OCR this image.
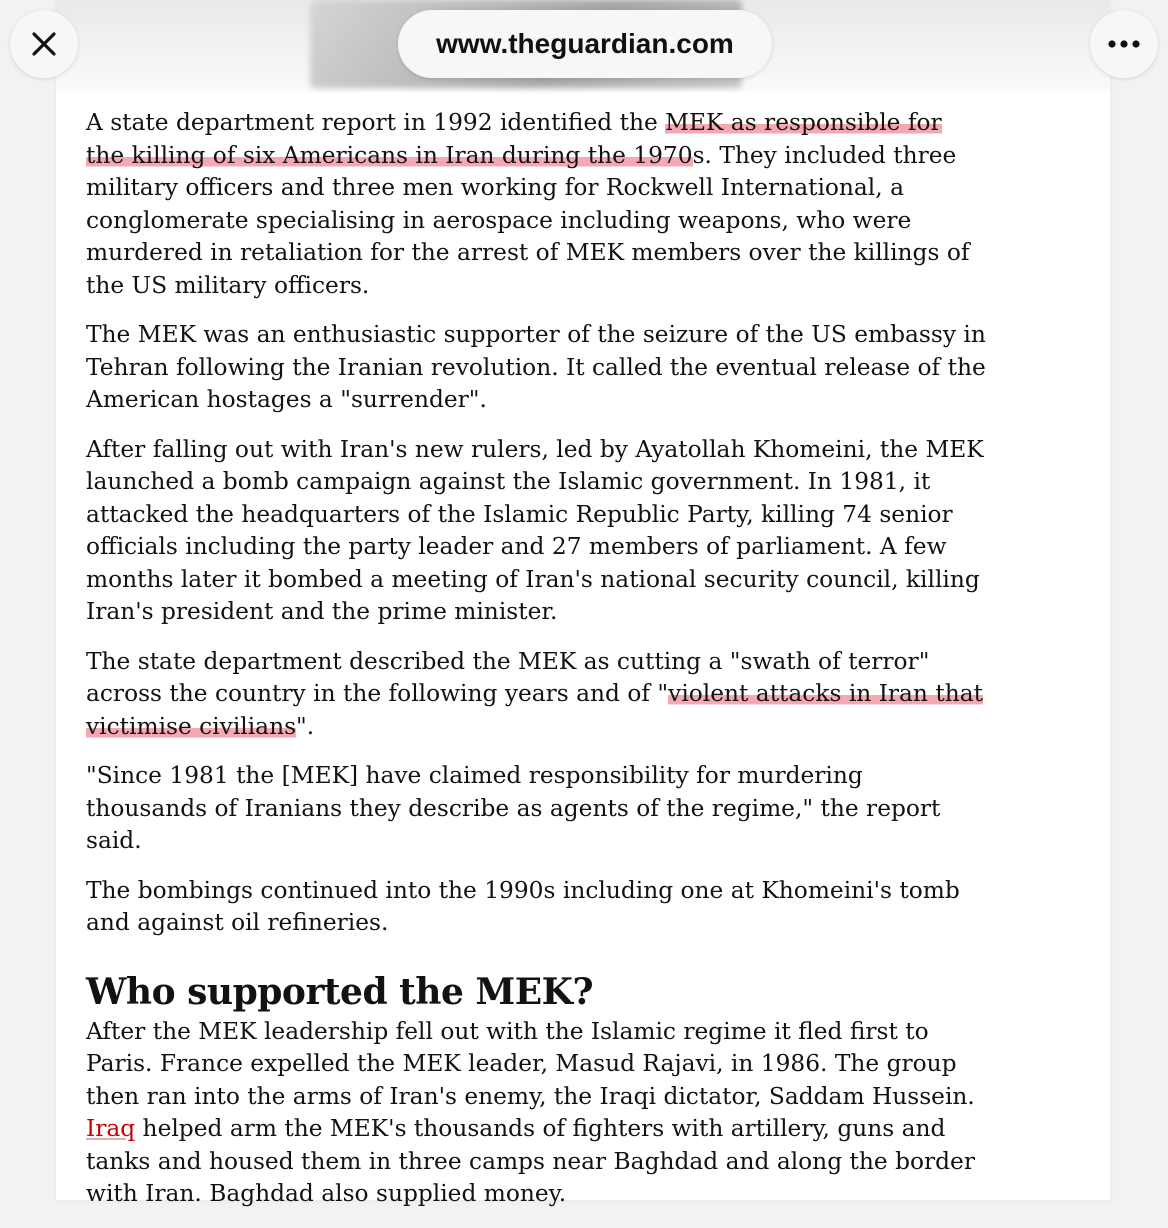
www.theguardian.com

A state department report in 1992 identified the MEK as responsible for the killing of six Americans in Iran during the 1970s. They included three military officers and three men working for Rockwell International, a conglomerate specialising in aerospace including weapons, who were murdered in retaliation for the arrest of MEK members over the killings of the US military officers.

The MEK was an enthusiastic supporter of the seizure of the US embassy in Tehran following the Iranian revolution. It called the eventual release of the American hostages a "surrender".

After falling out with Iran's new rulers, led by Ayatollah Khomeini, the MEK launched a bomb campaign against the Islamic government. In 1981, it attacked the headquarters of the Islamic Republic Party, killing 74 senior officials including the party leader and 27 members of parliament. A few months later it bombed a meeting of Iran's national security council, killing Iran's president and the prime minister.

The state department described the MEK as cutting a "swath of terror" across the country in the following years and of "violent attacks in Iran that victimise civilians".

"Since 1981 the [MEK] have claimed responsibility for murdering thousands of Iranians they describe as agents of the regime," the report said.

The bombings continued into the 1990s including one at Khomeini's tomb and against oil refineries.

Who supported the MEK?

After the MEK leadership fell out with the Islamic regime it fled first to Paris. France expelled the MEK leader, Masud Rajavi, in 1986. The group then ran into the arms of Iran's enemy, the Iraqi dictator, Saddam Hussein. Iraq helped arm the MEK's thousands of fighters with artillery, guns and tanks and housed them in three camps near Baghdad and along the border with Iran. Baghdad also supplied money.
